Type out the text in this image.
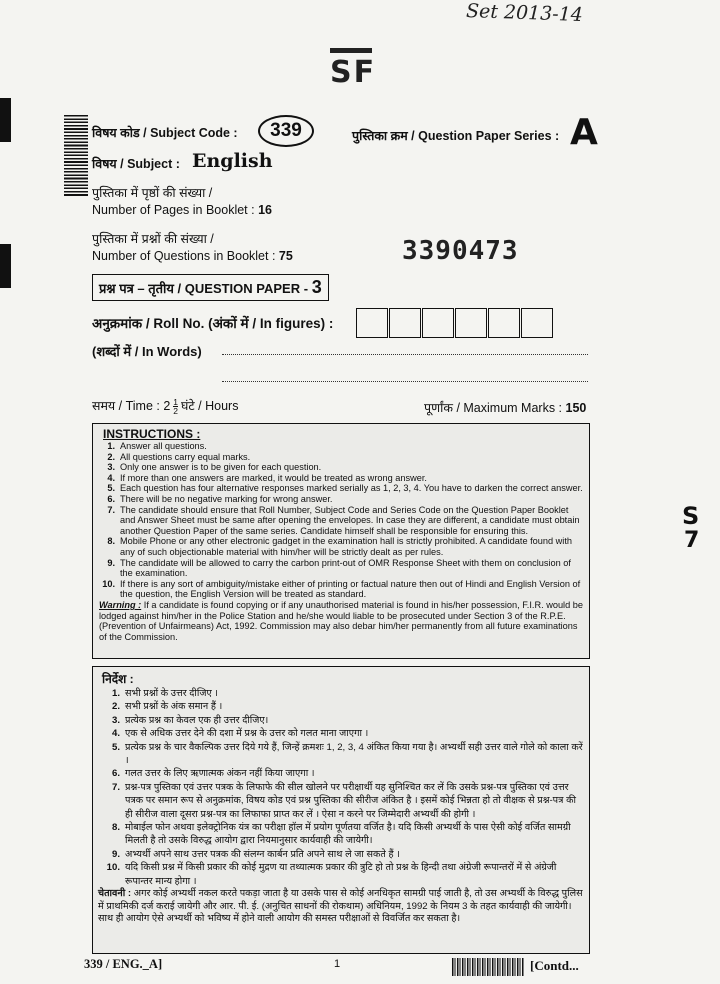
Set 2013-14
SF
विषय कोड / Subject Code :	339	पुस्तिका क्रम / Question Paper Series : A
विषय / Subject : English
पुस्तिका में पृष्ठों की संख्या /
Number of Pages in Booklet : 16
पुस्तिका में प्रश्नों की संख्या /
Number of Questions in Booklet : 75	3390473
प्रश्न पत्र – तृतीय / QUESTION PAPER - 3
अनुक्रमांक / Roll No. (अंकों में / In figures) :
(शब्दों में / In Words)
समय / Time : $2 \frac{1}{2}$ घंटे / Hours	पूर्णांक / Maximum Marks : 150
INSTRUCTIONS :
1. Answer all questions.
2. All questions carry equal marks.
3. Only one answer is to be given for each question.
4. If more than one answers are marked, it would be treated as wrong answer.
5. Each question has four alternative responses marked serially as 1, 2, 3, 4. You have to darken the correct answer.
6. There will be no negative marking for wrong answer.
7. The candidate should ensure that Roll Number, Subject Code and Series Code on the Question Paper Booklet and Answer Sheet must be same after opening the envelopes. In case they are different, a candidate must obtain another Question Paper of the same series. Candidate himself shall be responsible for ensuring this.
8. Mobile Phone or any other electronic gadget in the examination hall is strictly prohibited. A candidate found with any of such objectionable material with him/her will be strictly dealt as per rules.
9. The candidate will be allowed to carry the carbon print-out of OMR Response Sheet with them on conclusion of the examination.
10. If there is any sort of ambiguity/mistake either of printing or factual nature then out of Hindi and English Version of the question, the English Version will be treated as standard.
Warning : If a candidate is found copying or if any unauthorised material is found in his/her possession, F.I.R. would be lodged against him/her in the Police Station and he/she would liable to be prosecuted under Section 3 of the R.P.E. (Prevention of Unfairmeans) Act, 1992. Commission may also debar him/her permanently from all future examinations of the Commission.
निर्देश :
1. सभी प्रश्नों के उत्तर दीजिए ।
2. सभी प्रश्नों के अंक समान हैं ।
3. प्रत्येक प्रश्न का केवल एक ही उत्तर दीजिए।
4. एक से अधिक उत्तर देने की दशा में प्रश्न के उत्तर को गलत माना जाएगा ।
5. प्रत्येक प्रश्न के चार वैकल्पिक उत्तर दिये गये हैं, जिन्हें क्रमशः 1, 2, 3, 4 अंकित किया गया है। अभ्यर्थी सही उत्तर वाले गोले को काला करें ।
6. गलत उत्तर के लिए ऋणात्मक अंकन नहीं किया जाएगा ।
7. प्रश्न-पत्र पुस्तिका एवं उत्तर पत्रक के लिफाफे की सील खोलने पर परीक्षार्थी यह सुनिश्चित कर लें कि उसके प्रश्न-पत्र पुस्तिका एवं उत्तर पत्रक पर समान रूप से अनुक्रमांक, विषय कोड एवं प्रश्न पुस्तिका की सीरीज अंकित है । इसमें कोई भिन्नता हो तो वीक्षक से प्रश्न-पत्र की ही सीरीज वाला दूसरा प्रश्न-पत्र का लिफाफा प्राप्त कर लें । ऐसा न करने पर जिम्मेदारी अभ्यर्थी की होगी ।
8. मोबाईल फोन अथवा इलेक्ट्रोनिक यंत्र का परीक्षा हॉल में प्रयोग पूर्णतया वर्जित है। यदि किसी अभ्यर्थी के पास ऐसी कोई वर्जित सामग्री मिलती है तो उसके विरुद्ध आयोग द्वारा नियमानुसार कार्यवाही की जायेगी।
9. अभ्यर्थी अपने साथ उत्तर पत्रक की संलग्न कार्बन प्रति अपने साथ ले जा सकते हैं ।
10. यदि किसी प्रश्न में किसी प्रकार की कोई मुद्रण या तथ्यात्मक प्रकार की त्रुटि हो तो प्रश्न के हिन्दी तथा अंग्रेजी रूपान्तरों में से अंग्रेजी रूपान्तर मान्य होगा ।
चेतावनी : अगर कोई अभ्यर्थी नकल करते पकड़ा जाता है या उसके पास से कोई अनधिकृत सामग्री पाई जाती है, तो उस अभ्यर्थी के विरुद्ध पुलिस में प्राथमिकी दर्ज कराई जायेगी और आर. पी. ई. (अनुचित साधनों की रोकथाम) अधिनियम, 1992 के नियम 3 के तहत कार्यवाही की जायेगी। साथ ही आयोग ऐसे अभ्यर्थी को भविष्य में होने वाली आयोग की समस्त परीक्षाओं से विवर्जित कर सकता है।
S
7
339 / ENG._A]	1	[Contd...
